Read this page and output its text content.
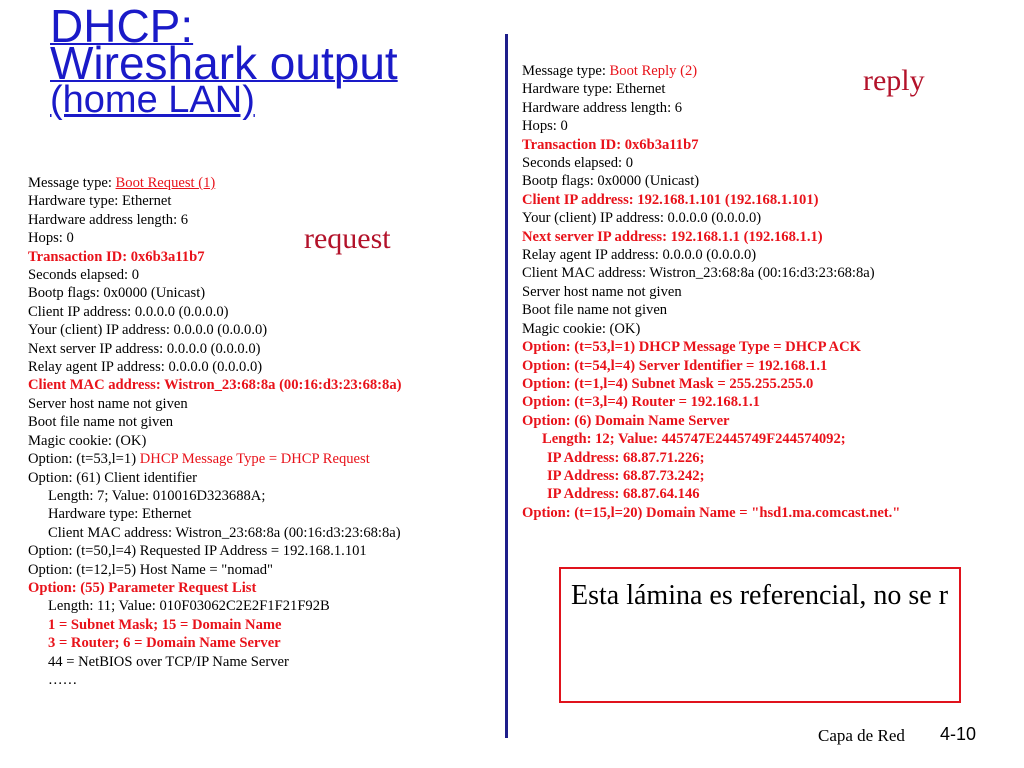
DHCP:
Wireshark output
(home LAN)
Message type: Boot Request (1)
Hardware type: Ethernet
Hardware address length: 6
Hops: 0
Transaction ID: 0x6b3a11b7
Seconds elapsed: 0
Bootp flags: 0x0000 (Unicast)
Client IP address: 0.0.0.0 (0.0.0.0)
Your (client) IP address: 0.0.0.0 (0.0.0.0)
Next server IP address: 0.0.0.0 (0.0.0.0)
Relay agent IP address: 0.0.0.0 (0.0.0.0)
Client MAC address: Wistron_23:68:8a (00:16:d3:23:68:8a)
Server host name not given
Boot file name not given
Magic cookie: (OK)
Option: (t=53,l=1) DHCP Message Type = DHCP Request
Option: (61) Client identifier
Length: 7; Value: 010016D323688A;
Hardware type: Ethernet
Client MAC address: Wistron_23:68:8a (00:16:d3:23:68:8a)
Option: (t=50,l=4) Requested IP Address = 192.168.1.101
Option: (t=12,l=5) Host Name = "nomad"
Option: (55) Parameter Request List
Length: 11; Value: 010F03062C2E2F1F21F92B
1 = Subnet Mask; 15 = Domain Name
3 = Router; 6 = Domain Name Server
44 = NetBIOS over TCP/IP Name Server
……
request
Message type: Boot Reply (2)
Hardware type: Ethernet
Hardware address length: 6
Hops: 0
Transaction ID: 0x6b3a11b7
Seconds elapsed: 0
Bootp flags: 0x0000 (Unicast)
Client IP address: 192.168.1.101 (192.168.1.101)
Your (client) IP address: 0.0.0.0 (0.0.0.0)
Next server IP address: 192.168.1.1 (192.168.1.1)
Relay agent IP address: 0.0.0.0 (0.0.0.0)
Client MAC address: Wistron_23:68:8a (00:16:d3:23:68:8a)
Server host name not given
Boot file name not given
Magic cookie: (OK)
Option: (t=53,l=1) DHCP Message Type = DHCP ACK
Option: (t=54,l=4) Server Identifier = 192.168.1.1
Option: (t=1,l=4) Subnet Mask = 255.255.255.0
Option: (t=3,l=4) Router = 192.168.1.1
Option: (6) Domain Name Server
Length: 12; Value: 445747E2445749F244574092;
IP Address: 68.87.71.226;
IP Address: 68.87.73.242;
IP Address: 68.87.64.146
Option: (t=15,l=20) Domain Name = "hsd1.ma.comcast.net."
reply
Esta lámina es referencial, no se r
Capa de Red 4-10
